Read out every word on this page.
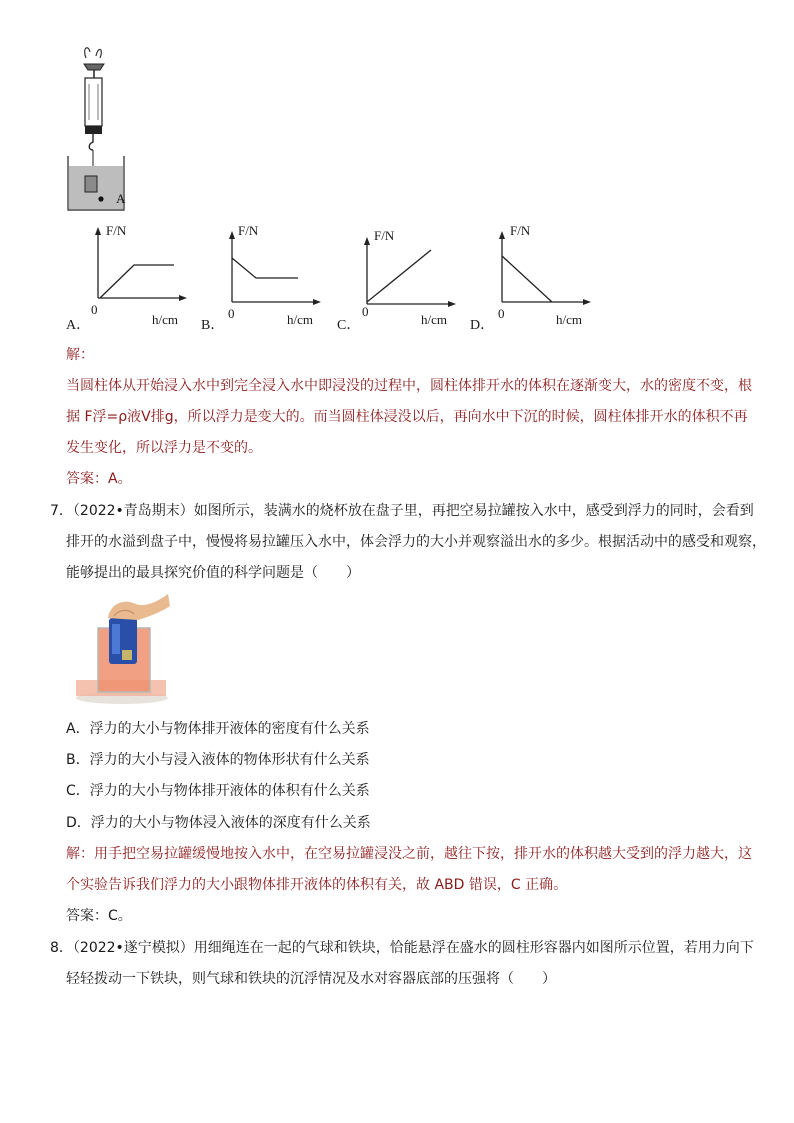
A
F/N
0
h/cm
A．
F/N
0	h/cm
B．
F/N
0
h/cm
C．
F/N
0	h/cm
D．
解：
当圆柱体从开始浸入水中到完全浸入水中即浸没的过程中，圆柱体排开水的体积在逐渐变大，水的密度不变，根
据 F浮=ρ液V排g，所以浮力是变大的。而当圆柱体浸没以后，再向水中下沉的时候，圆柱体排开水的体积不再
发生变化，所以浮力是不变的。
答案：A。
7．（2022•青岛期末）如图所示，装满水的烧杯放在盘子里，再把空易拉罐按入水中，感受到浮力的同时，会看到
排开的水溢到盘子中，慢慢将易拉罐压入水中，体会浮力的大小并观察溢出水的多少。根据活动中的感受和观察，
能够提出的最具探究价值的科学问题是（　　）
A．浮力的大小与物体排开液体的密度有什么关系
B．浮力的大小与浸入液体的物体形状有什么关系
C．浮力的大小与物体排开液体的体积有什么关系
D．浮力的大小与物体浸入液体的深度有什么关系
解：用手把空易拉罐缓慢地按入水中，在空易拉罐浸没之前，越往下按，排开水的体积越大受到的浮力越大，这
个实验告诉我们浮力的大小跟物体排开液体的体积有关，故 ABD 错误，C 正确。
答案：C。
8．（2022•遂宁模拟）用细绳连在一起的气球和铁块，恰能悬浮在盛水的圆柱形容器内如图所示位置，若用力向下
轻轻拨动一下铁块，则气球和铁块的沉浮情况及水对容器底部的压强将（　　）
